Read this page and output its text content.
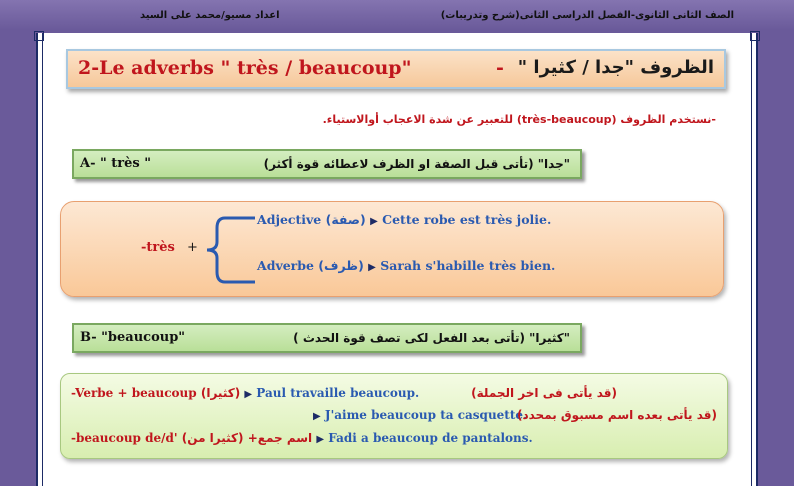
الصف الثانى الثانوى-الفصل الدراسى الثانى(شرح وتدريبات)
اعداد مسيو/محمد على السيد
2-Le adverbs " très / beaucoup"	- الظروف "جدا / كثيرا "
-نستخدم الظروف (très-beaucoup) للتعبير عن شدة الاعجاب أوالاستياء.
A- " très "	"جدا" (تأتى قبل الصفة او الظرف لاعطائه قوة أكثر)
-très +
Adjective (صفة) ▶ Cette robe est très jolie.
Adverbe (ظرف) ▶ Sarah s'habille très bien.
B- "beaucoup"	"كثيرا" (تأتى بعد الفعل لكى تصف قوة الحدث )
-Verbe + beaucoup (كثيرا) ▶ Paul travaille beaucoup.	(قد يأتى فى اخر الجملة)
▶ J'aime beaucoup ta casquette.
(قد يأتى بعده اسم مسبوق بمحدد)
-beaucoup de/d' (كثيرا من) اسم جمع+ ▶ Fadi a beaucoup de pantalons.
